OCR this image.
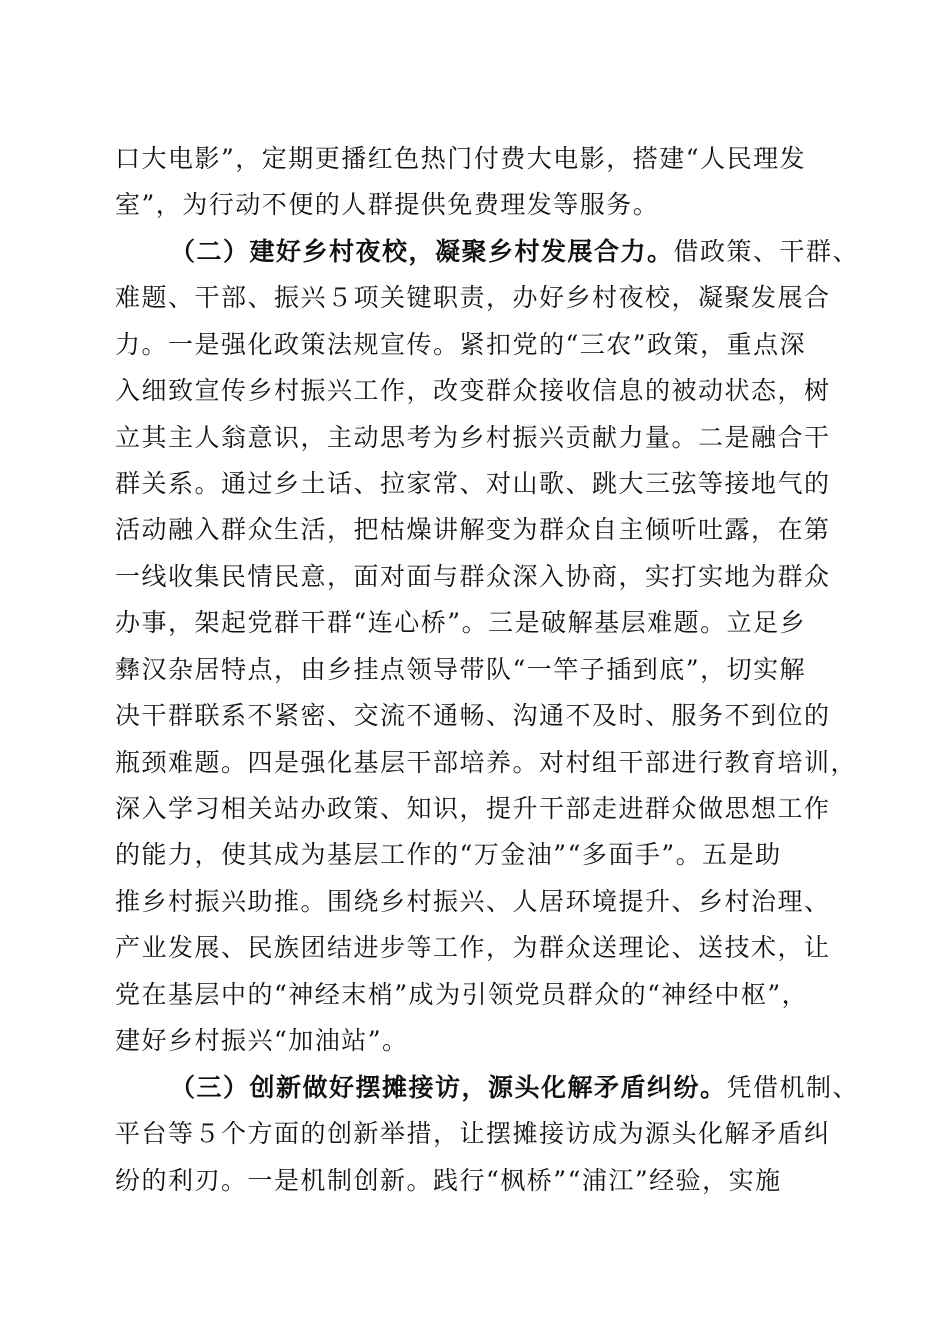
口大电影”，定期更播红色热门付费大电影，搭建“人民理发
室”，为行动不便的人群提供免费理发等服务。
（二）建好乡村夜校，凝聚乡村发展合力。借政策、干群、
难题、干部、振兴５项关键职责，办好乡村夜校，凝聚发展合
力。一是强化政策法规宣传。紧扣党的“三农”政策，重点深
入细致宣传乡村振兴工作，改变群众接收信息的被动状态，树
立其主人翁意识，主动思考为乡村振兴贡献力量。二是融合干
群关系。通过乡土话、拉家常、对山歌、跳大三弦等接地气的
活动融入群众生活，把枯燥讲解变为群众自主倾听吐露，在第
一线收集民情民意，面对面与群众深入协商，实打实地为群众
办事，架起党群干群“连心桥”。三是破解基层难题。立足乡
彝汉杂居特点，由乡挂点领导带队“一竿子插到底”，切实解
决干群联系不紧密、交流不通畅、沟通不及时、服务不到位的
瓶颈难题。四是强化基层干部培养。对村组干部进行教育培训，
深入学习相关站办政策、知识，提升干部走进群众做思想工作
的能力，使其成为基层工作的“万金油”“多面手”。五是助
推乡村振兴助推。围绕乡村振兴、人居环境提升、乡村治理、
产业发展、民族团结进步等工作，为群众送理论、送技术，让
党在基层中的“神经末梢”成为引领党员群众的“神经中枢”，
建好乡村振兴“加油站”。
（三）创新做好摆摊接访，源头化解矛盾纠纷。凭借机制、
平台等５个方面的创新举措，让摆摊接访成为源头化解矛盾纠
纷的利刃。一是机制创新。践行“枫桥”“浦江”经验，实施
